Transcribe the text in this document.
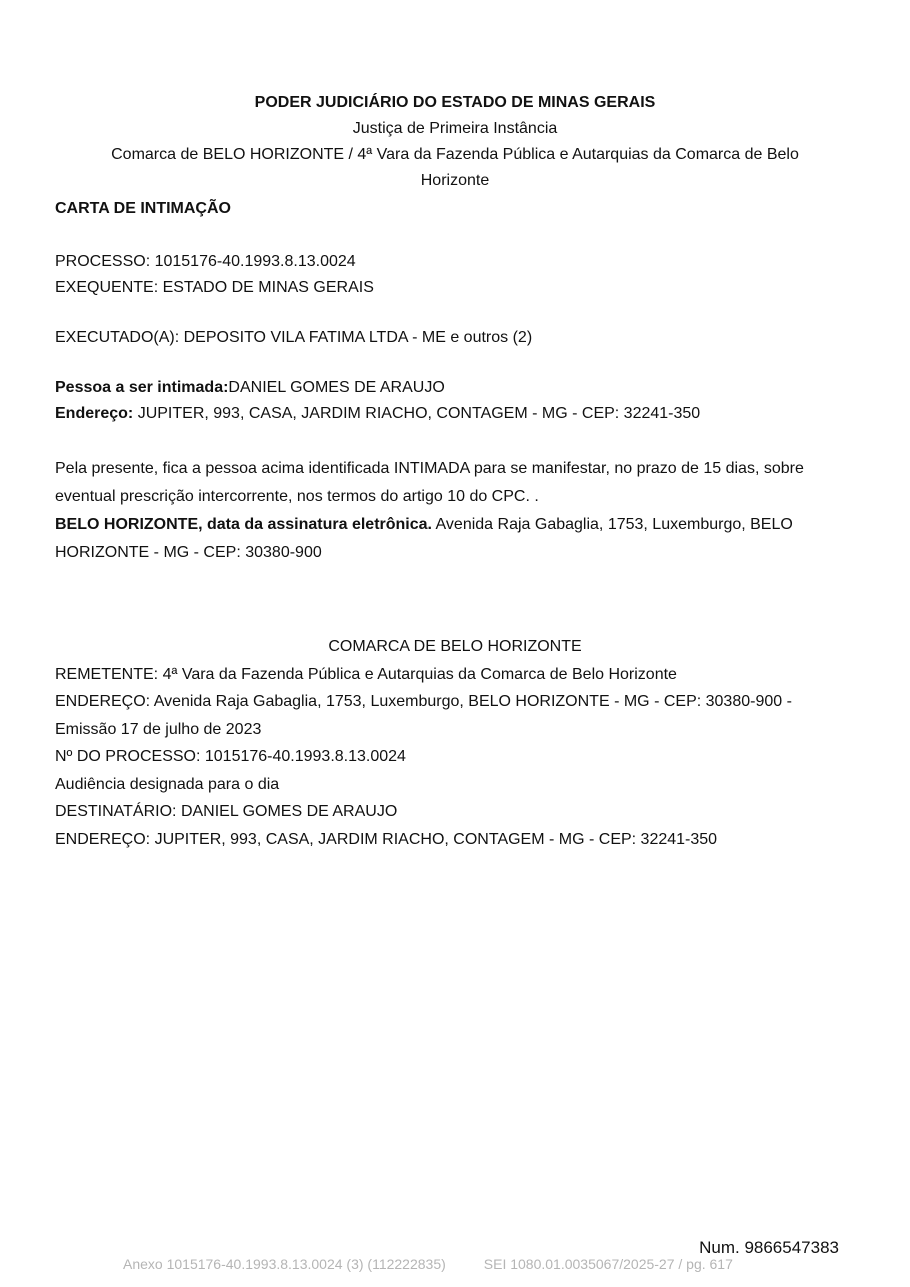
PODER JUDICIÁRIO DO ESTADO DE MINAS GERAIS
Justiça de Primeira Instância
Comarca de BELO HORIZONTE / 4ª Vara da Fazenda Pública e Autarquias da Comarca de Belo
Horizonte
CARTA DE INTIMAÇÃO
PROCESSO: 1015176-40.1993.8.13.0024
EXEQUENTE: ESTADO DE MINAS GERAIS
EXECUTADO(A): DEPOSITO VILA FATIMA LTDA - ME e outros (2)
Pessoa a ser intimada:DANIEL GOMES DE ARAUJO
Endereço: JUPITER, 993, CASA, JARDIM RIACHO, CONTAGEM - MG - CEP: 32241-350
Pela presente, fica a pessoa acima identificada INTIMADA para se manifestar, no prazo de 15 dias, sobre
eventual prescrição intercorrente, nos termos do artigo 10 do CPC. .
BELO HORIZONTE, data da assinatura eletrônica. Avenida Raja Gabaglia, 1753, Luxemburgo, BELO
HORIZONTE - MG - CEP: 30380-900
COMARCA DE BELO HORIZONTE
REMETENTE: 4ª Vara da Fazenda Pública e Autarquias da Comarca de Belo Horizonte
ENDEREÇO: Avenida Raja Gabaglia, 1753, Luxemburgo, BELO HORIZONTE - MG - CEP: 30380-900 -
Emissão 17 de julho de 2023
Nº DO PROCESSO: 1015176-40.1993.8.13.0024
Audiência designada para o dia
DESTINATÁRIO: DANIEL GOMES DE ARAUJO
ENDEREÇO: JUPITER, 993, CASA, JARDIM RIACHO, CONTAGEM - MG - CEP: 32241-350
Num. 9866547383
Anexo 1015176-40.1993.8.13.0024 (3) (112222835)	SEI 1080.01.0035067/2025-27 / pg. 617
